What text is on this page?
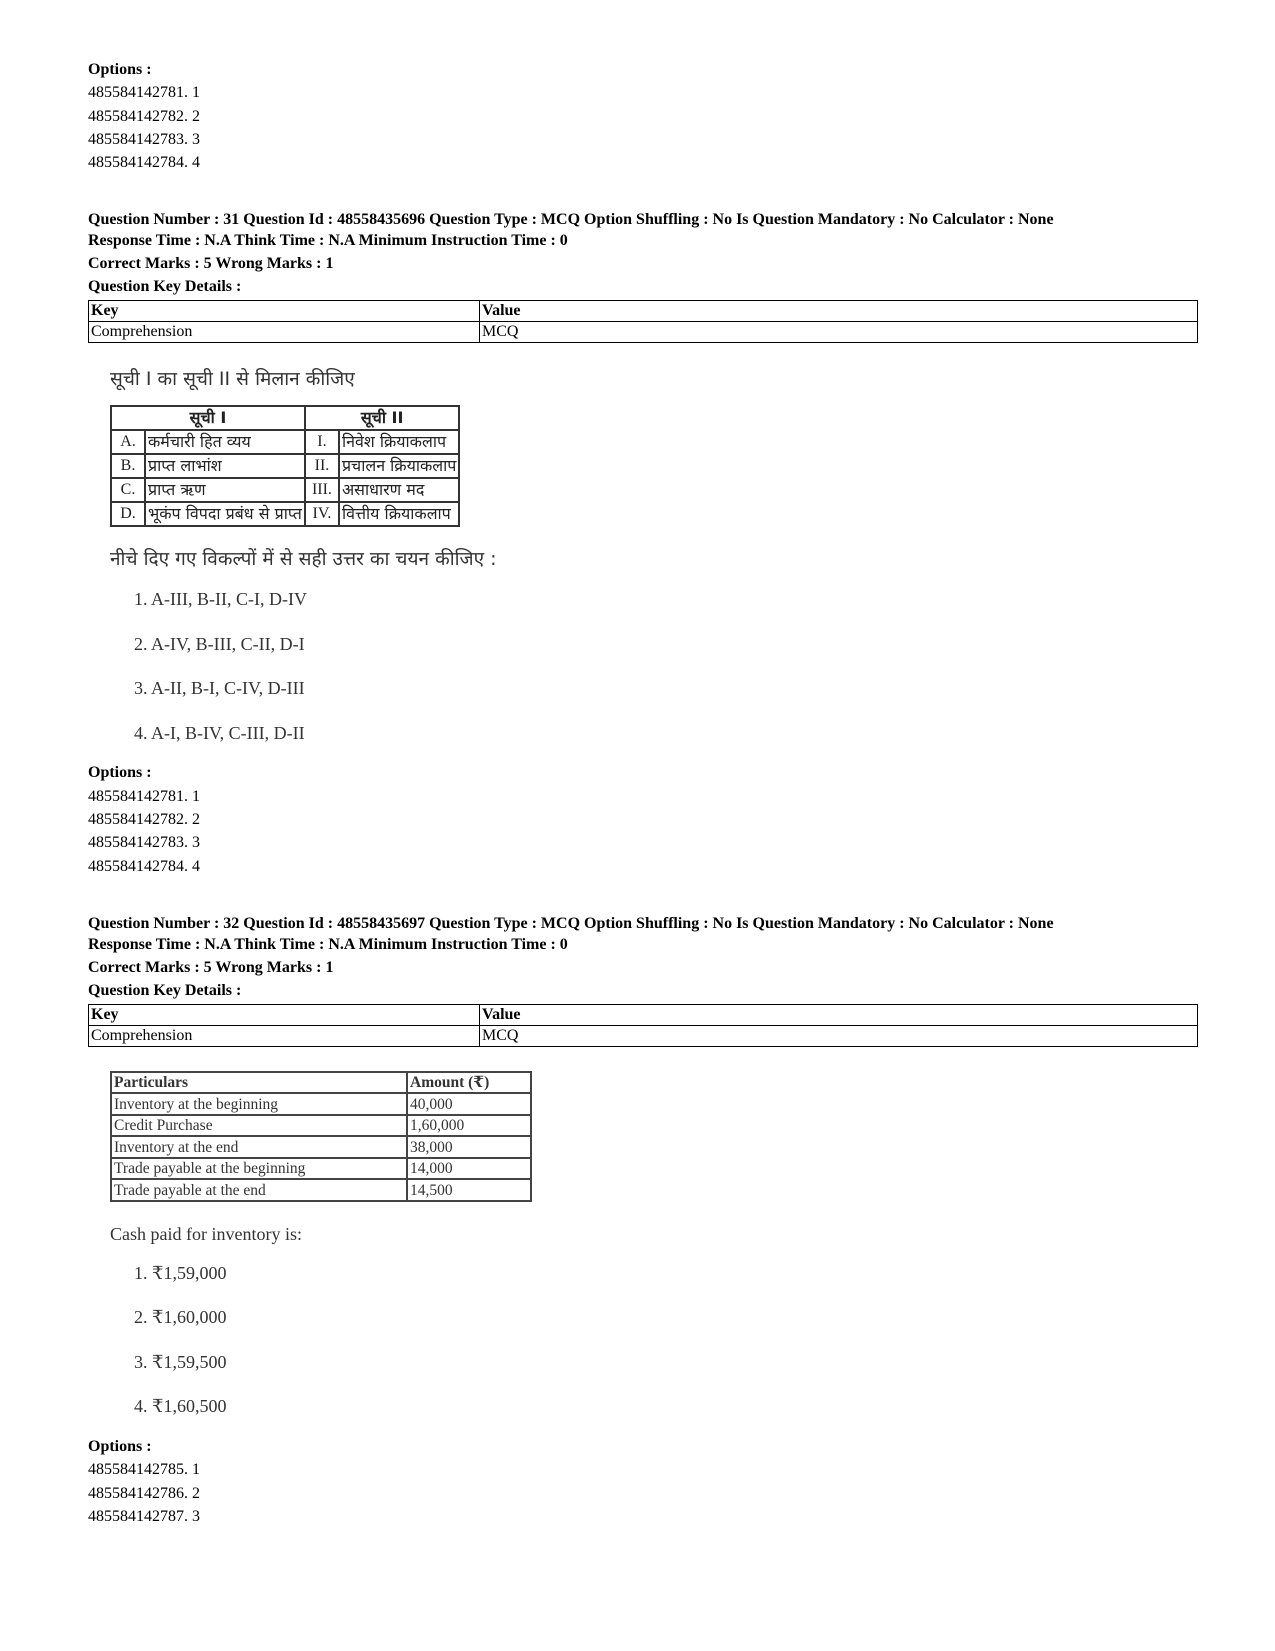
Options :

485584142781. 1

485584142782. 2

485584142783. 3

485584142784. 4

Question Number : 31 Question Id : 48558435696 Question Type : MCQ Option Shuffling : No Is Question Mandatory : No Calculator : None

Response Time : N.A Think Time : N.A Minimum Instruction Time : 0

Correct Marks : 5 Wrong Marks : 1

Question Key Details :

Key	Value
Comprehension	MCQ

सूची I का सूची II से मिलान कीजिए

सूची I		सूची II	
A.	कर्मचारी हित व्यय	I.	निवेश क्रियाकलाप
B.	प्राप्त लाभांश	II.	प्रचालन क्रियाकलाप
C.	प्राप्त ऋण	III.	असाधारण मद
D.	भूकंप विपदा प्रबंध से प्राप्त	IV.	वित्तीय क्रियाकलाप

नीचे दिए गए विकल्पों में से सही उत्तर का चयन कीजिए :

1. A-III, B-II, C-I, D-IV
2. A-IV, B-III, C-II, D-I
3. A-II, B-I, C-IV, D-III
4. A-I, B-IV, C-III, D-II

Options :

485584142781. 1

485584142782. 2

485584142783. 3

485584142784. 4

Question Number : 32 Question Id : 48558435697 Question Type : MCQ Option Shuffling : No Is Question Mandatory : No Calculator : None

Response Time : N.A Think Time : N.A Minimum Instruction Time : 0

Correct Marks : 5 Wrong Marks : 1

Question Key Details :

Key	Value
Comprehension	MCQ
Particulars	Amount (₹)
Inventory at the beginning	40,000
Credit Purchase	1,60,000
Inventory at the end	38,000
Trade payable at the beginning	14,000
Trade payable at the end	14,500
Cash paid for inventory is:
1. ₹1,59,000
2. ₹1,60,000
3. ₹1,59,500
4. ₹1,60,500

Options :

485584142785. 1

485584142786. 2

485584142787. 3
